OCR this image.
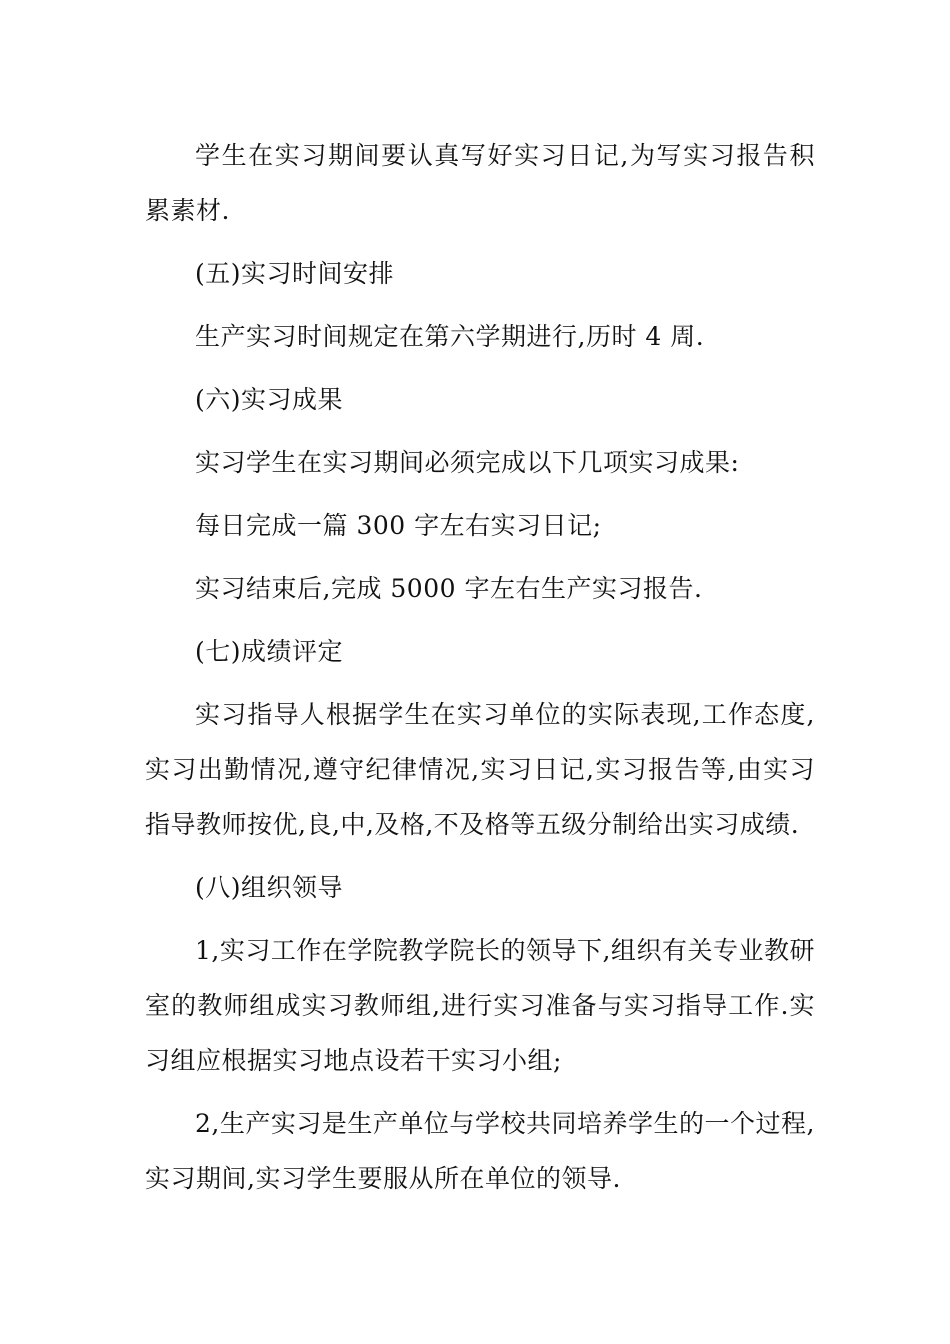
学生在实习期间要认真写好实习日记,为写实习报告积累素材.

(五)实习时间安排

生产实习时间规定在第六学期进行,历时 4 周.

(六)实习成果

实习学生在实习期间必须完成以下几项实习成果:

每日完成一篇 300 字左右实习日记;

实习结束后,完成 5000 字左右生产实习报告.

(七)成绩评定

实习指导人根据学生在实习单位的实际表现,工作态度,实习出勤情况,遵守纪律情况,实习日记,实习报告等,由实习指导教师按优,良,中,及格,不及格等五级分制给出实习成绩.

(八)组织领导

1,实习工作在学院教学院长的领导下,组织有关专业教研室的教师组成实习教师组,进行实习准备与实习指导工作.实习组应根据实习地点设若干实习小组;

2,生产实习是生产单位与学校共同培养学生的一个过程,实习期间,实习学生要服从所在单位的领导.
